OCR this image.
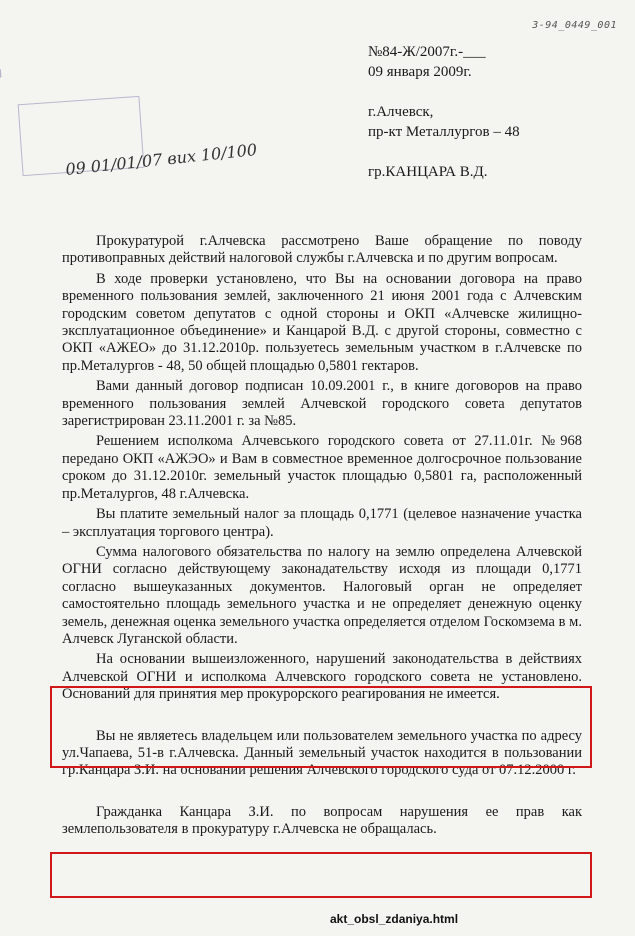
3-94_0449_001
№84-Ж/2007г.-___
09 января 2009г.
г.Алчевск,
пр-кт Металлургов – 48
гр.КАНЦАРА В.Д.
09 01/01/07 вих 10/100

Прокуратурой г.Алчевска рассмотрено Ваше обращение по поводу противоправных действий налоговой службы г.Алчевска и по другим вопросам.

В ходе проверки установлено, что Вы на основании договора на право временного пользования землей, заключенного 21 июня 2001 года с Алчевским городским советом депутатов с одной стороны и ОКП «Алчевске жилищно-эксплуатационное объединение» и Канцарой В.Д. с другой стороны, совместно с ОКП «АЖЕО» до 31.12.2010р. пользуетесь земельным участком в г.Алчевске по пр.Металургов - 48, 50 общей площадью 0,5801 гектаров.

Вами данный договор подписан 10.09.2001 г., в книге договоров на право временного пользования землей Алчевской городского совета депутатов зарегистрирован 23.11.2001 г. за №85.

Решением исполкома Алчевського городского совета от 27.11.01г. №968 передано ОКП «АЖЭО» и Вам в совместное временное долгосрочное пользование сроком до 31.12.2010г. земельный участок площадью 0,5801 га, расположенный пр.Металургов, 48 г.Алчевска.

Вы платите земельный налог за площадь 0,1771 (целевое назначение участка – эксплуатация торгового центра).

Сумма налогового обязательства по налогу на землю определена Алчевской ОГНИ согласно действующему законадательству исходя из площади 0,1771 согласно вышеуказанных документов. Налоговый орган не определяет самостоятельно площадь земельного участка и не определяет денежную оценку земель, денежная оценка земельного участка определяется отделом Госкомзема в м. Алчевск Луганской области.

На основании вышеизложенного, нарушений законодательства в действиях Алчевской ОГНИ и исполкома Алчевского городского совета не установлено. Оснований для принятия мер прокурорского реагирования не имеется.

Вы не являетесь владельцем или пользователем земельного участка по адресу ул.Чапаева, 51-в г.Алчевска. Данный земельный участок находится в пользовании гр.Канцара З.И. на основании решения Алчевского городского суда от 07.12.2000 г.

Гражданка Канцара З.И. по вопросам нарушения ее прав как землепользователя в прокуратуру г.Алчевска не обращалась.

akt_obsl_zdaniya.html
